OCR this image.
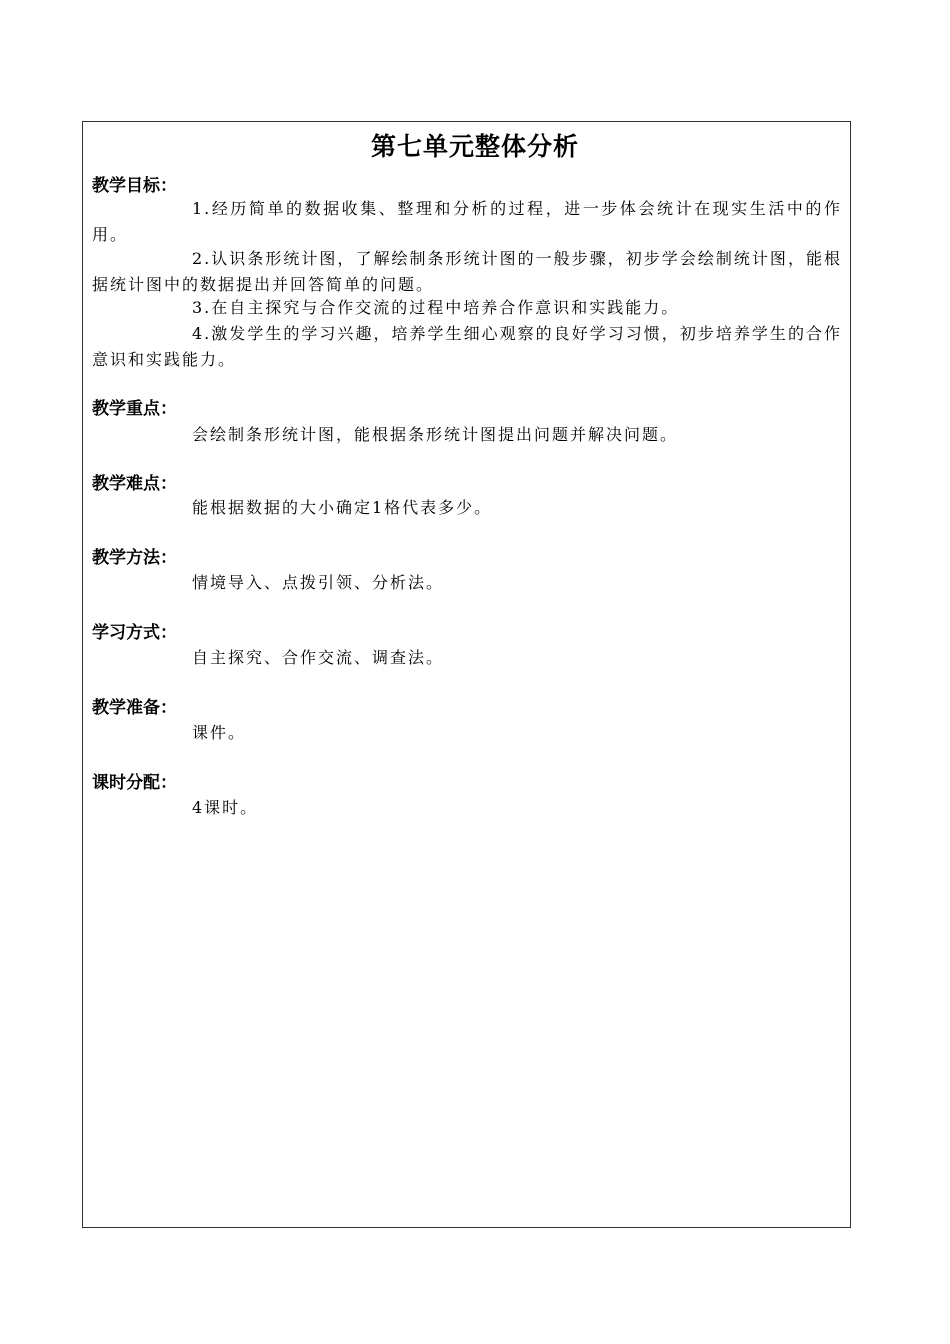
第七单元整体分析
教学目标：
1.经历简单的数据收集、整理和分析的过程，进一步体会统计在现实生活中的作用。
2.认识条形统计图，了解绘制条形统计图的一般步骤，初步学会绘制统计图，能根据统计图中的数据提出并回答简单的问题。
3.在自主探究与合作交流的过程中培养合作意识和实践能力。
4.激发学生的学习兴趣，培养学生细心观察的良好学习习惯，初步培养学生的合作意识和实践能力。
教学重点：
会绘制条形统计图，能根据条形统计图提出问题并解决问题。
教学难点：
能根据数据的大小确定1格代表多少。
教学方法：
情境导入、点拨引领、分析法。
学习方式：
自主探究、合作交流、调查法。
教学准备：
课件。
课时分配：
4课时。
